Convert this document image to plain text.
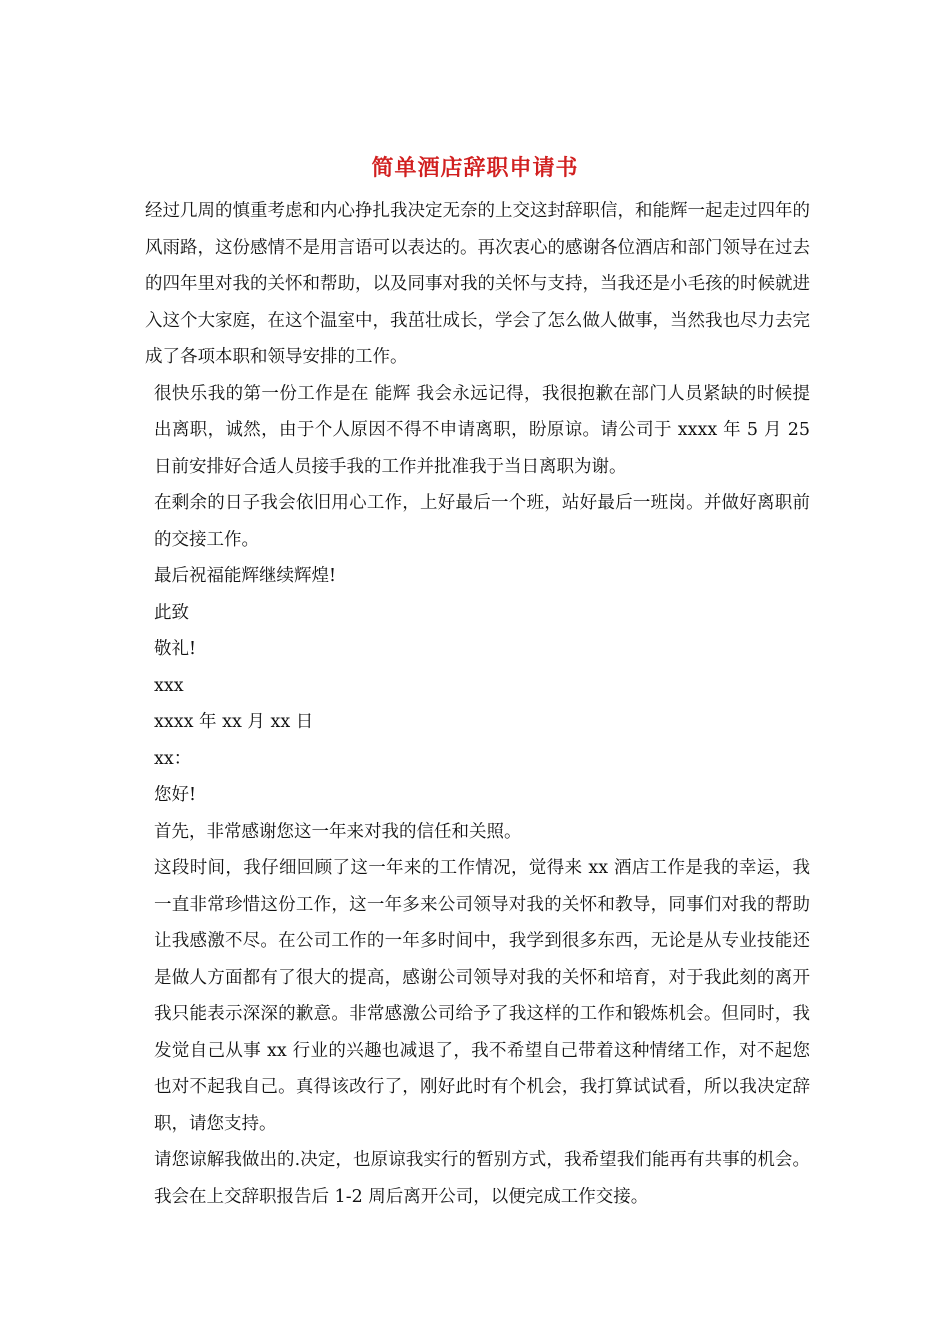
简单酒店辞职申请书

经过几周的慎重考虑和内心挣扎我决定无奈的上交这封辞职信，和能辉一起走过四年的风雨路，这份感情不是用言语可以表达的。再次衷心的感谢各位酒店和部门领导在过去的四年里对我的关怀和帮助，以及同事对我的关怀与支持，当我还是小毛孩的时候就进入这个大家庭，在这个温室中，我茁壮成长，学会了怎么做人做事，当然我也尽力去完成了各项本职和领导安排的工作。

很快乐我的第一份工作是在 能辉 我会永远记得，我很抱歉在部门人员紧缺的时候提出离职，诚然，由于个人原因不得不申请离职，盼原谅。请公司于 xxxx 年 5 月 25 日前安排好合适人员接手我的工作并批准我于当日离职为谢。

在剩余的日子我会依旧用心工作，上好最后一个班，站好最后一班岗。并做好离职前的交接工作。

最后祝福能辉继续辉煌!

此致

敬礼!

xxx

xxxx 年 xx 月 xx 日

xx：

您好!

首先，非常感谢您这一年来对我的信任和关照。

这段时间，我仔细回顾了这一年来的工作情况，觉得来 xx 酒店工作是我的幸运，我一直非常珍惜这份工作，这一年多来公司领导对我的关怀和教导，同事们对我的帮助让我感激不尽。在公司工作的一年多时间中，我学到很多东西，无论是从专业技能还是做人方面都有了很大的提高，感谢公司领导对我的关怀和培育，对于我此刻的离开我只能表示深深的歉意。非常感激公司给予了我这样的工作和锻炼机会。但同时，我发觉自己从事 xx 行业的兴趣也减退了，我不希望自己带着这种情绪工作，对不起您也对不起我自己。真得该改行了，刚好此时有个机会，我打算试试看，所以我决定辞职，请您支持。

请您谅解我做出的.决定，也原谅我实行的暂别方式，我希望我们能再有共事的机会。我会在上交辞职报告后 1-2 周后离开公司，以便完成工作交接。
